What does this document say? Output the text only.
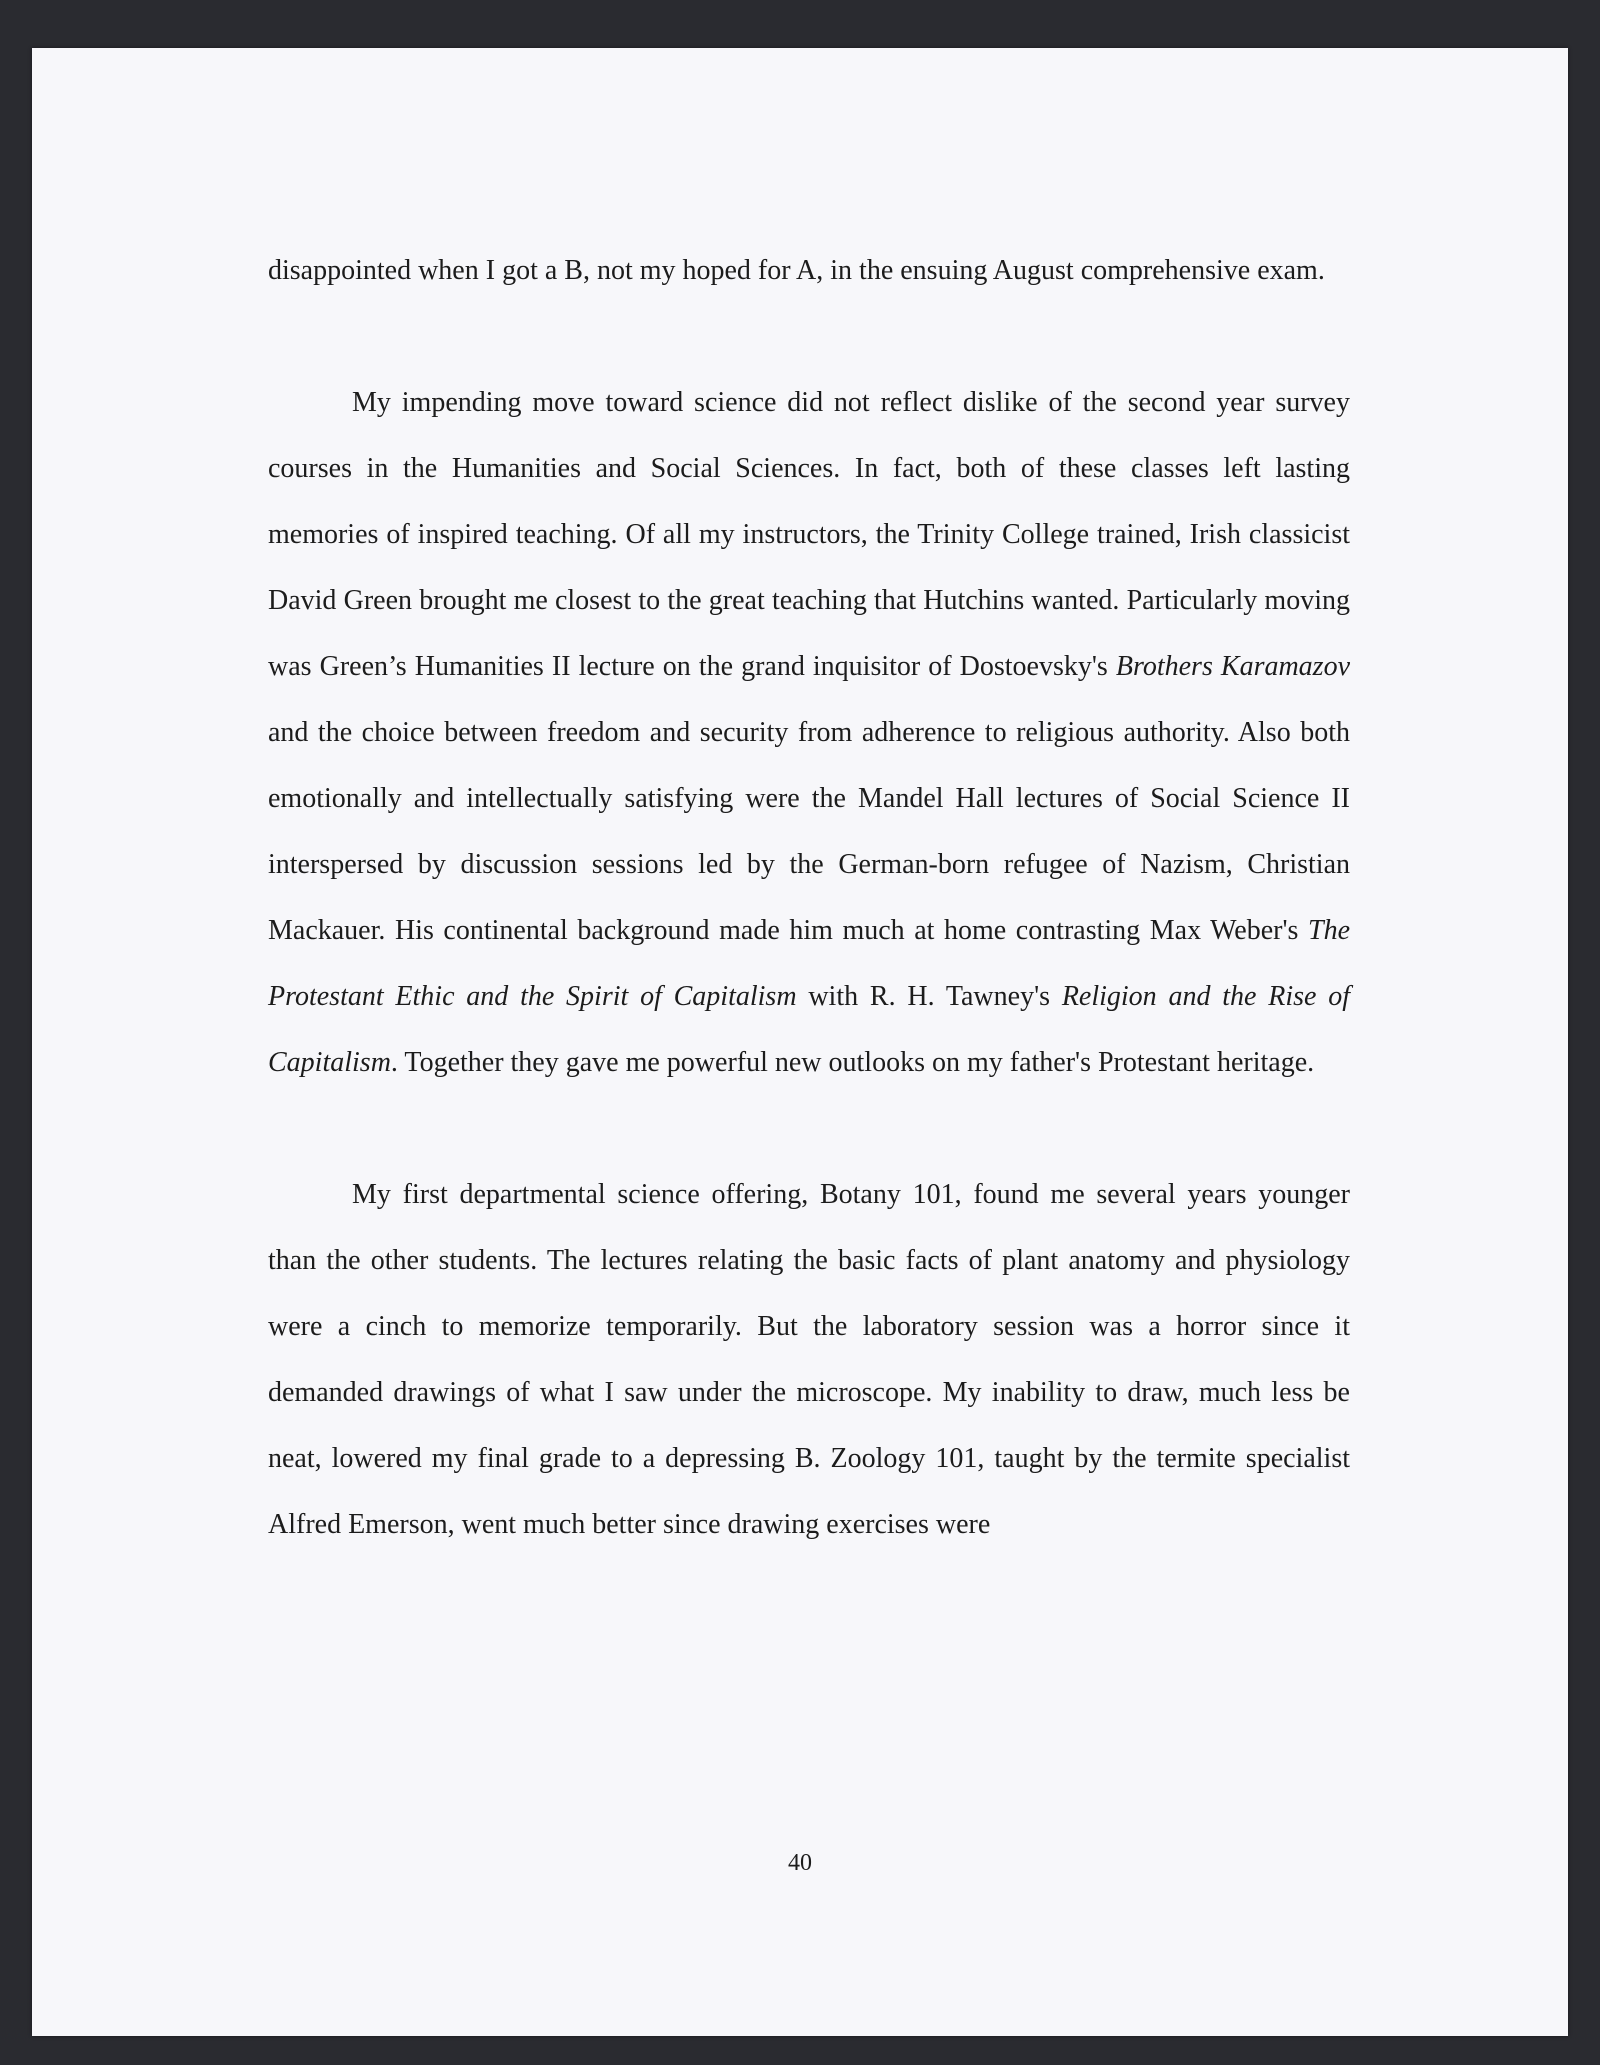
disappointed when I got a B, not my hoped for A, in the ensuing August comprehensive exam.

My impending move toward science did not reflect dislike of the second year survey courses in the Humanities and Social Sciences. In fact, both of these classes left lasting memories of inspired teaching. Of all my instructors, the Trinity College trained, Irish classicist David Green brought me closest to the great teaching that Hutchins wanted. Particularly moving was Green’s Humanities II lecture on the grand inquisitor of Dostoevsky's Brothers Karamazov and the choice between freedom and security from adherence to religious authority. Also both emotionally and intellectually satisfying were the Mandel Hall lectures of Social Science II interspersed by discussion sessions led by the German-born refugee of Nazism, Christian Mackauer. His continental background made him much at home contrasting Max Weber's The Protestant Ethic and the Spirit of Capitalism with R. H. Tawney's Religion and the Rise of Capitalism. Together they gave me powerful new outlooks on my father's Protestant heritage.

My first departmental science offering, Botany 101, found me several years younger than the other students. The lectures relating the basic facts of plant anatomy and physiology were a cinch to memorize temporarily. But the laboratory session was a horror since it demanded drawings of what I saw under the microscope. My inability to draw, much less be neat, lowered my final grade to a depressing B. Zoology 101, taught by the termite specialist Alfred Emerson, went much better since drawing exercises were

40
